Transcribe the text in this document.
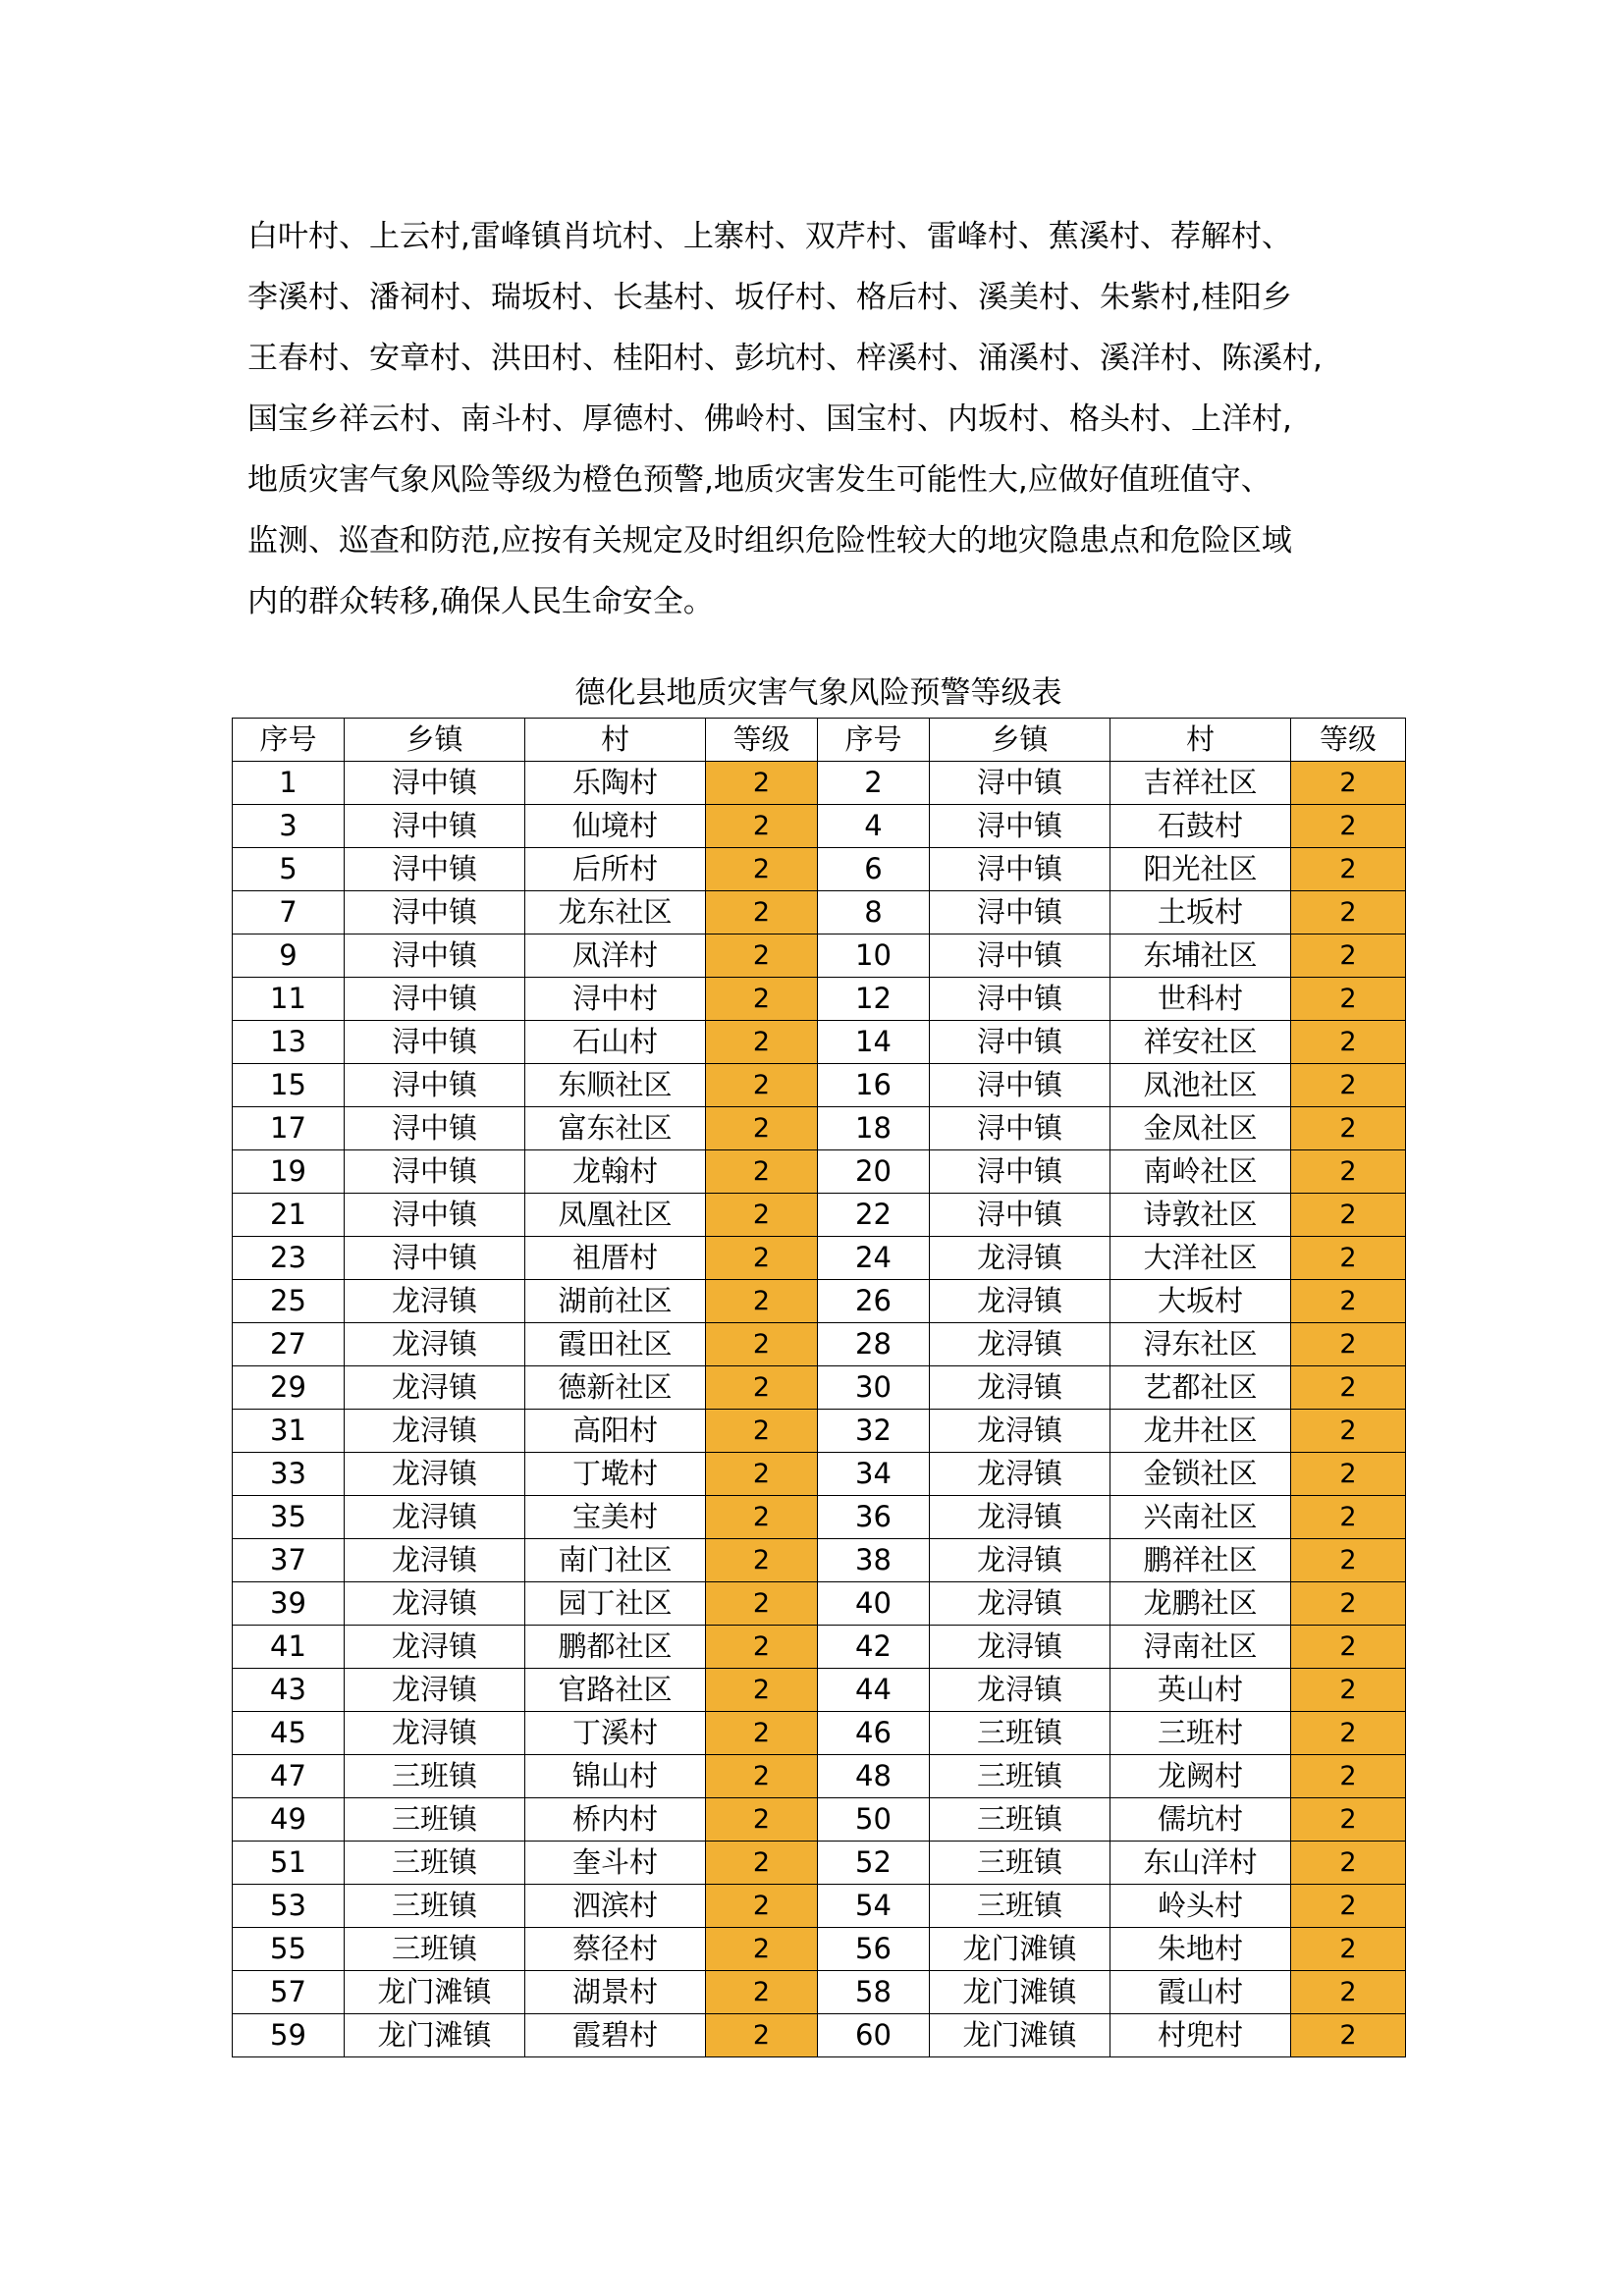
白叶村、上云村,雷峰镇肖坑村、上寨村、双芹村、雷峰村、蕉溪村、荐解村、
李溪村、潘祠村、瑞坂村、长基村、坂仔村、格后村、溪美村、朱紫村,桂阳乡
王春村、安章村、洪田村、桂阳村、彭坑村、梓溪村、涌溪村、溪洋村、陈溪村,
国宝乡祥云村、南斗村、厚德村、佛岭村、国宝村、内坂村、格头村、上洋村,
地质灾害气象风险等级为橙色预警,地质灾害发生可能性大,应做好值班值守、
监测、巡查和防范,应按有关规定及时组织危险性较大的地灾隐患点和危险区域
内的群众转移,确保人民生命安全。
德化县地质灾害气象风险预警等级表
序号	乡镇	村	等级	序号	乡镇	村	等级
1	浔中镇	乐陶村	2	2	浔中镇	吉祥社区	2
3	浔中镇	仙境村	2	4	浔中镇	石鼓村	2
5	浔中镇	后所村	2	6	浔中镇	阳光社区	2
7	浔中镇	龙东社区	2	8	浔中镇	土坂村	2
9	浔中镇	凤洋村	2	10	浔中镇	东埔社区	2
11	浔中镇	浔中村	2	12	浔中镇	世科村	2
13	浔中镇	石山村	2	14	浔中镇	祥安社区	2
15	浔中镇	东顺社区	2	16	浔中镇	凤池社区	2
17	浔中镇	富东社区	2	18	浔中镇	金凤社区	2
19	浔中镇	龙翰村	2	20	浔中镇	南岭社区	2
21	浔中镇	凤凰社区	2	22	浔中镇	诗敦社区	2
23	浔中镇	祖厝村	2	24	龙浔镇	大洋社区	2
25	龙浔镇	湖前社区	2	26	龙浔镇	大坂村	2
27	龙浔镇	霞田社区	2	28	龙浔镇	浔东社区	2
29	龙浔镇	德新社区	2	30	龙浔镇	艺都社区	2
31	龙浔镇	高阳村	2	32	龙浔镇	龙井社区	2
33	龙浔镇	丁墘村	2	34	龙浔镇	金锁社区	2
35	龙浔镇	宝美村	2	36	龙浔镇	兴南社区	2
37	龙浔镇	南门社区	2	38	龙浔镇	鹏祥社区	2
39	龙浔镇	园丁社区	2	40	龙浔镇	龙鹏社区	2
41	龙浔镇	鹏都社区	2	42	龙浔镇	浔南社区	2
43	龙浔镇	官路社区	2	44	龙浔镇	英山村	2
45	龙浔镇	丁溪村	2	46	三班镇	三班村	2
47	三班镇	锦山村	2	48	三班镇	龙阙村	2
49	三班镇	桥内村	2	50	三班镇	儒坑村	2
51	三班镇	奎斗村	2	52	三班镇	东山洋村	2
53	三班镇	泗滨村	2	54	三班镇	岭头村	2
55	三班镇	蔡径村	2	56	龙门滩镇	朱地村	2
57	龙门滩镇	湖景村	2	58	龙门滩镇	霞山村	2
59	龙门滩镇	霞碧村	2	60	龙门滩镇	村兜村	2
